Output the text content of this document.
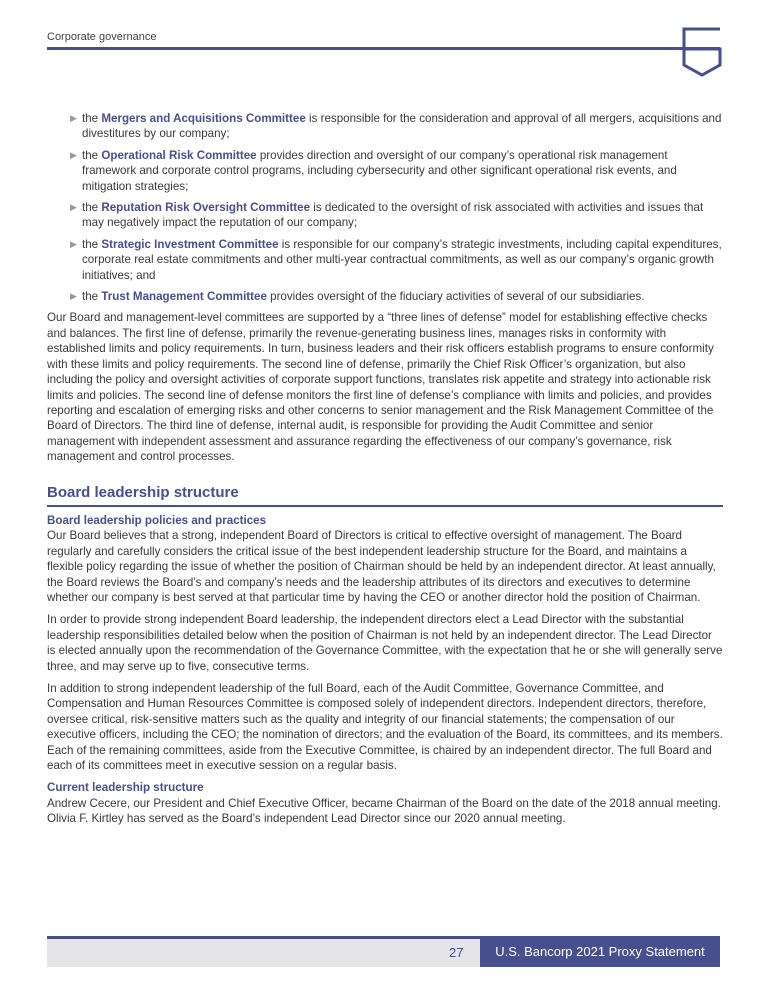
Corporate governance
▶ the Mergers and Acquisitions Committee is responsible for the consideration and approval of all mergers, acquisitions and divestitures by our company;
▶ the Operational Risk Committee provides direction and oversight of our company’s operational risk management framework and corporate control programs, including cybersecurity and other significant operational risk events, and mitigation strategies;
▶ the Reputation Risk Oversight Committee is dedicated to the oversight of risk associated with activities and issues that may negatively impact the reputation of our company;
▶ the Strategic Investment Committee is responsible for our company’s strategic investments, including capital expenditures, corporate real estate commitments and other multi-year contractual commitments, as well as our company’s organic growth initiatives; and
▶ the Trust Management Committee provides oversight of the fiduciary activities of several of our subsidiaries.

Our Board and management-level committees are supported by a “three lines of defense” model for establishing effective checks and balances. The first line of defense, primarily the revenue-generating business lines, manages risks in conformity with established limits and policy requirements. In turn, business leaders and their risk officers establish programs to ensure conformity with these limits and policy requirements. The second line of defense, primarily the Chief Risk Officer’s organization, but also including the policy and oversight activities of corporate support functions, translates risk appetite and strategy into actionable risk limits and policies. The second line of defense monitors the first line of defense’s compliance with limits and policies, and provides reporting and escalation of emerging risks and other concerns to senior management and the Risk Management Committee of the Board of Directors. The third line of defense, internal audit, is responsible for providing the Audit Committee and senior management with independent assessment and assurance regarding the effectiveness of our company’s governance, risk management and control processes.

Board leadership structure
Board leadership policies and practices

Our Board believes that a strong, independent Board of Directors is critical to effective oversight of management. The Board regularly and carefully considers the critical issue of the best independent leadership structure for the Board, and maintains a flexible policy regarding the issue of whether the position of Chairman should be held by an independent director. At least annually, the Board reviews the Board’s and company’s needs and the leadership attributes of its directors and executives to determine whether our company is best served at that particular time by having the CEO or another director hold the position of Chairman.

In order to provide strong independent Board leadership, the independent directors elect a Lead Director with the substantial leadership responsibilities detailed below when the position of Chairman is not held by an independent director. The Lead Director is elected annually upon the recommendation of the Governance Committee, with the expectation that he or she will generally serve three, and may serve up to five, consecutive terms.

In addition to strong independent leadership of the full Board, each of the Audit Committee, Governance Committee, and Compensation and Human Resources Committee is composed solely of independent directors. Independent directors, therefore, oversee critical, risk-sensitive matters such as the quality and integrity of our financial statements; the compensation of our executive officers, including the CEO; the nomination of directors; and the evaluation of the Board, its committees, and its members. Each of the remaining committees, aside from the Executive Committee, is chaired by an independent director. The full Board and each of its committees meet in executive session on a regular basis.

Current leadership structure

Andrew Cecere, our President and Chief Executive Officer, became Chairman of the Board on the date of the 2018 annual meeting. Olivia F. Kirtley has served as the Board’s independent Lead Director since our 2020 annual meeting.

27	U.S. Bancorp 2021 Proxy Statement
